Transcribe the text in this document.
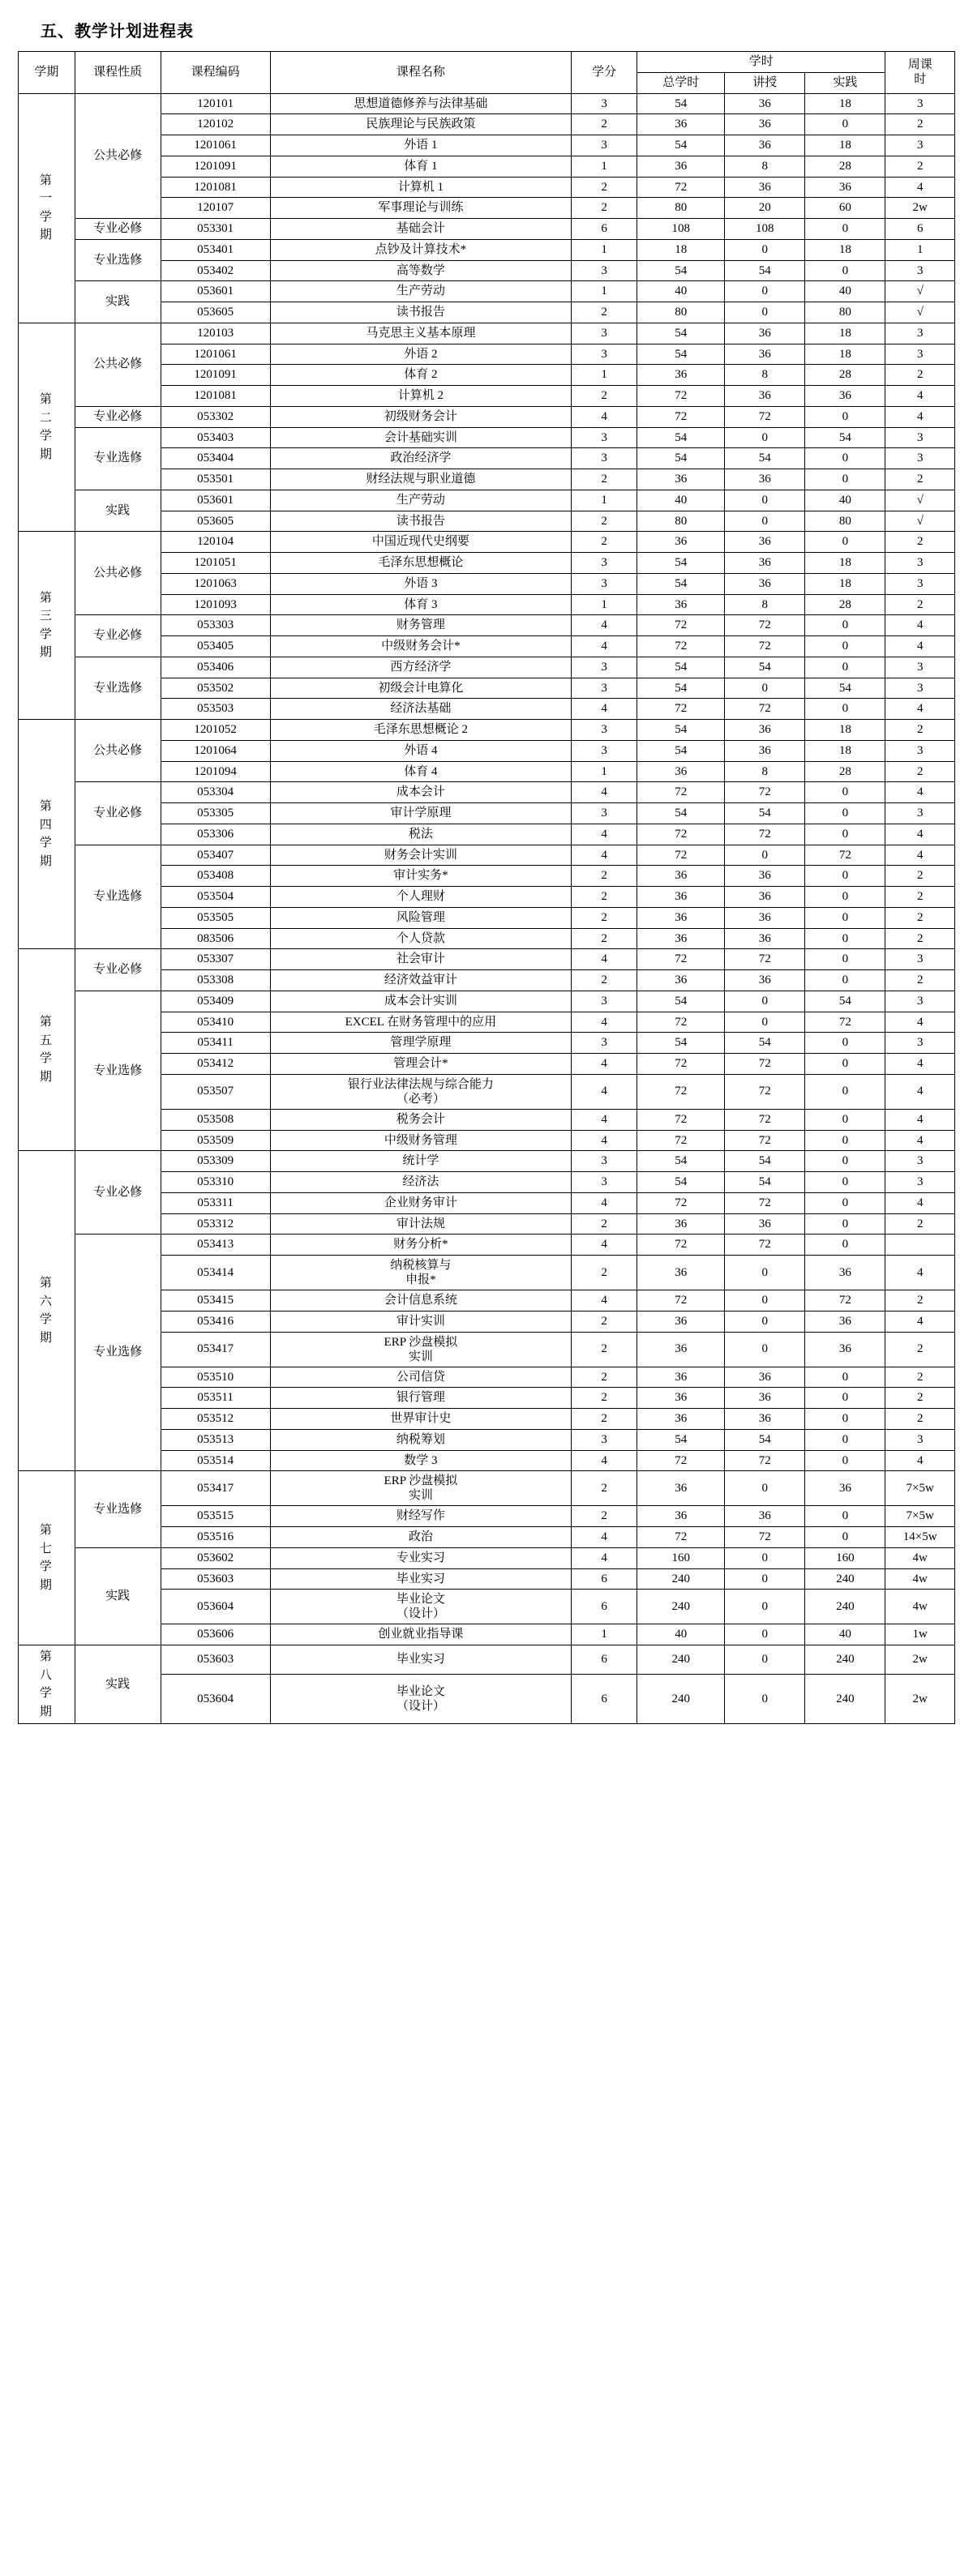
五、教学计划进程表
学期	课程性质	课程编码	课程名称	学分	学时			周课
时

					总学时	讲授	实践	

第
一
学
期	公共必修	120101	思想道德修养与法律基础	3	54	36	18	3
		120102	民族理论与民族政策	2	36	36	0	2
		1201061	外语 1	3	54	36	18	3
		1201091	体育 1	1	36	8	28	2
		1201081	计算机 1	2	72	36	36	4
		120107	军事理论与训练	2	80	20	60	2w
	专业必修	053301	基础会计	6	108	108	0	6
	专业选修	053401	点钞及计算技术*	1	18	0	18	1
		053402	高等数学	3	54	54	0	3
	实践	053601	生产劳动	1	40	0	40	√
		053605	读书报告	2	80	0	80	√

第
二
学
期	公共必修	120103	马克思主义基本原理	3	54	36	18	3
		1201061	外语 2	3	54	36	18	3
		1201091	体育 2	1	36	8	28	2
		1201081	计算机 2	2	72	36	36	4
	专业必修	053302	初级财务会计	4	72	72	0	4
	专业选修	053403	会计基础实训	3	54	0	54	3
		053404	政治经济学	3	54	54	0	3
		053501	财经法规与职业道德	2	36	36	0	2
	实践	053601	生产劳动	1	40	0	40	√
		053605	读书报告	2	80	0	80	√

第
三
学
期	公共必修	120104	中国近现代史纲要	2	36	36	0	2
		1201051	毛泽东思想概论	3	54	36	18	3
		1201063	外语 3	3	54	36	18	3
		1201093	体育 3	1	36	8	28	2
	专业必修	053303	财务管理	4	72	72	0	4
		053405	中级财务会计*	4	72	72	0	4
	专业选修	053406	西方经济学	3	54	54	0	3
		053502	初级会计电算化	3	54	0	54	3
		053503	经济法基础	4	72	72	0	4

第
四
学
期	公共必修	1201052	毛泽东思想概论 2	3	54	36	18	2
		1201064	外语 4	3	54	36	18	3
		1201094	体育 4	1	36	8	28	2
	专业必修	053304	成本会计	4	72	72	0	4
		053305	审计学原理	3	54	54	0	3
		053306	税法	4	72	72	0	4
	专业选修	053407	财务会计实训	4	72	0	72	4
		053408	审计实务*	2	36	36	0	2
		053504	个人理财	2	36	36	0	2
		053505	风险管理	2	36	36	0	2
		083506	个人贷款	2	36	36	0	2

第
五
学
期	专业必修	053307	社会审计	4	72	72	0	3
		053308	经济效益审计	2	36	36	0	2
	专业选修	053409	成本会计实训	3	54	0	54	3
		053410	EXCEL 在财务管理中的应用	4	72	0	72	4
		053411	管理学原理	3	54	54	0	3
		053412	管理会计*	4	72	72	0	4
		053507	银行业法律法规与综合能力
（必考）	4	72	72	0	4
		053508	税务会计	4	72	72	0	4
		053509	中级财务管理	4	72	72	0	4

第
六
学
期	专业必修	053309	统计学	3	54	54	0	3
		053310	经济法	3	54	54	0	3
		053311	企业财务审计	4	72	72	0	4
		053312	审计法规	2	36	36	0	2
	专业选修	053413	财务分析*	4	72	72	0	
		053414	纳税核算与
申报*	2	36	0	36	4
		053415	会计信息系统	4	72	0	72	2
		053416	审计实训	2	36	0	36	4
		053417	ERP 沙盘模拟
实训	2	36	0	36	2
		053510	公司信贷	2	36	36	0	2
		053511	银行管理	2	36	36	0	2
		053512	世界审计史	2	36	36	0	2
		053513	纳税筹划	3	54	54	0	3
		053514	数学 3	4	72	72	0	4

第
七
学
期	专业选修	053417	ERP 沙盘模拟
实训	2	36	0	36	7×5w
		053515	财经写作	2	36	36	0	7×5w
		053516	政治	4	72	72	0	14×5w
	实践	053602	专业实习	4	160	0	160	4w
		053603	毕业实习	6	240	0	240	4w
		053604	毕业论文
（设计）	6	240	0	240	4w
		053606	创业就业指导课	1	40	0	40	1w

第
八
学
期	实践	053603	毕业实习	6	240	0	240	2w
		053604	毕业论文
（设计）	6	240	0	240	2w
